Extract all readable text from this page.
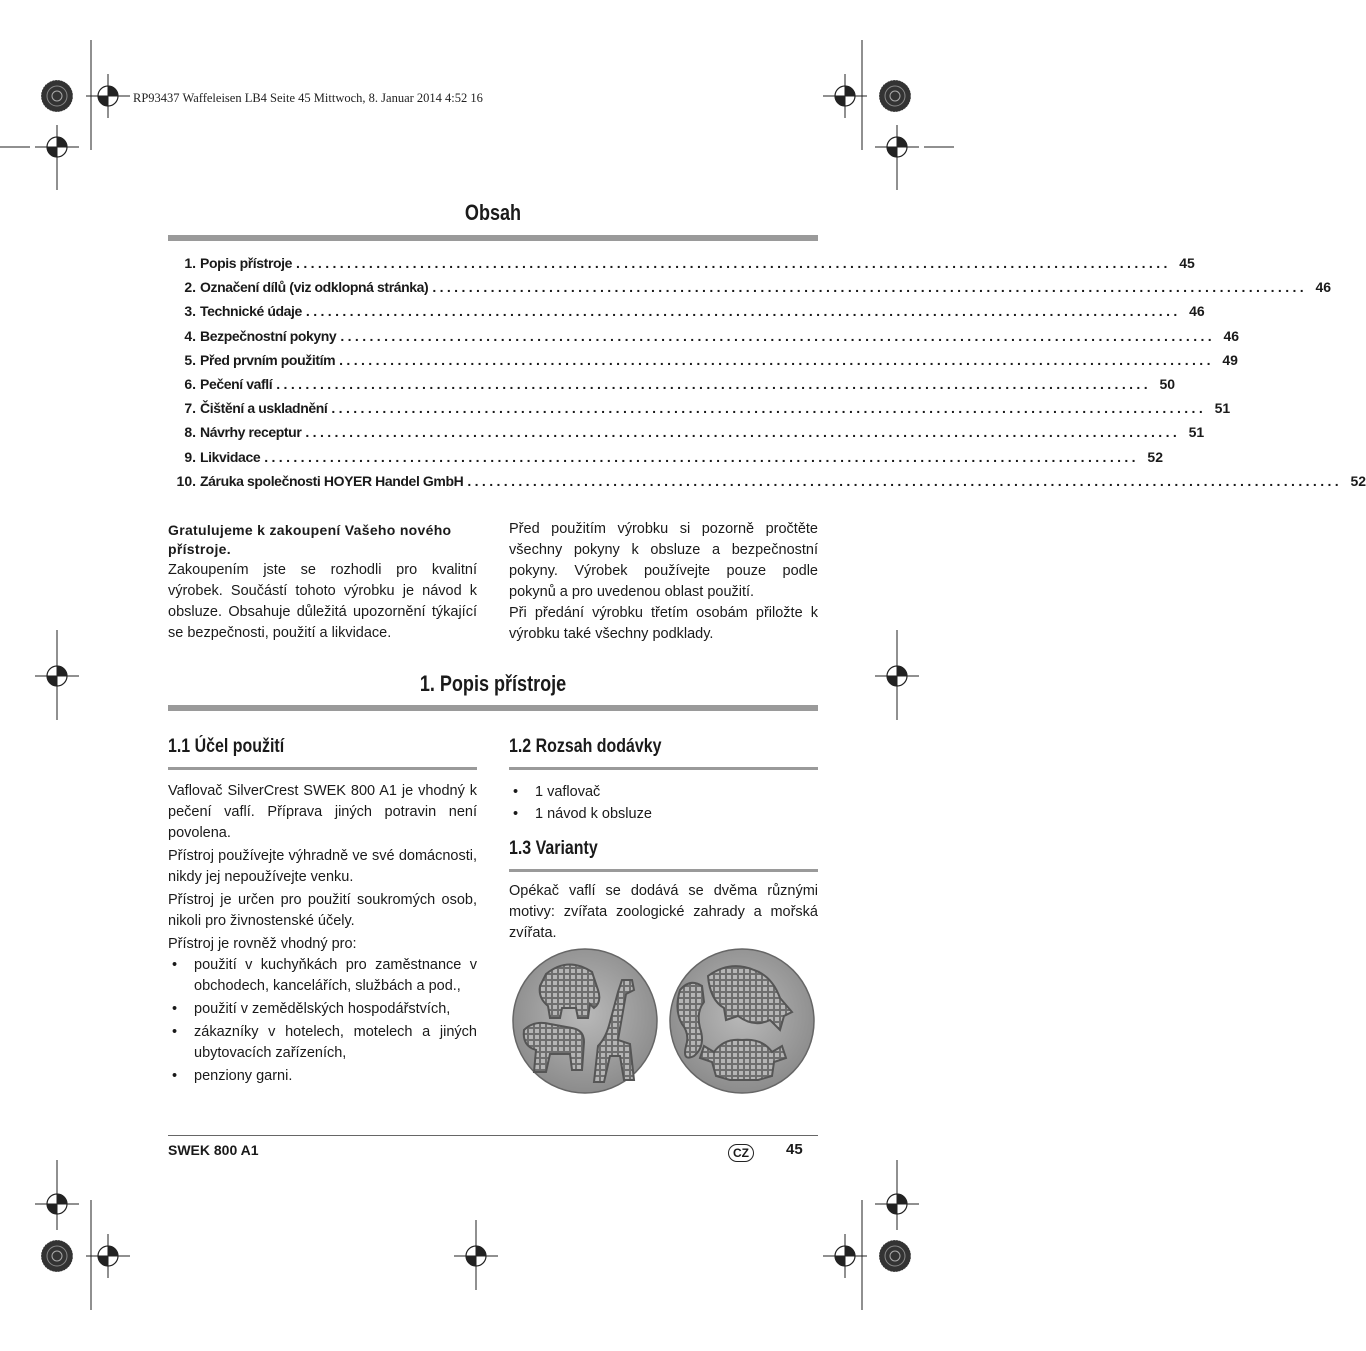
RP93437 Waffeleisen LB4 Seite 45 Mittwoch, 8. Januar 2014 4:52 16
Obsah
1. Popis přístroje ........................................................................................................................ 45
2. Označení dílů (viz odklopná stránka) ........................................................................................................................ 46
3. Technické údaje ........................................................................................................................ 46
4. Bezpečnostní pokyny ........................................................................................................................ 46
5. Před prvním použitím ........................................................................................................................ 49
6. Pečení vaflí ........................................................................................................................ 50
7. Čištění a uskladnění ........................................................................................................................ 51
8. Návrhy receptur ........................................................................................................................ 51
9. Likvidace ........................................................................................................................ 52
10. Záruka společnosti HOYER Handel GmbH ........................................................................................................................ 52
Gratulujeme k zakoupení Vašeho nového přístroje.
Zakoupením jste se rozhodli pro kvalitní výrobek. Součástí tohoto výrobku je návod k obsluze. Obsahuje důležitá upozornění týkající se bezpečnosti, použití a likvidace.

Před použitím výrobku si pozorně pročtěte všechny pokyny k obsluze a bezpečnostní pokyny. Výrobek používejte pouze podle pokynů a pro uvedenou oblast použití.

Při předání výrobku třetím osobám přiložte k výrobku také všechny podklady.

1. Popis přístroje
1.1 Účel použití

Vaflovač SilverCrest SWEK 800 A1 je vhodný k pečení vaflí. Příprava jiných potravin není povolena.

Přístroj používejte výhradně ve své domácnosti, nikdy jej nepoužívejte venku.

Přístroj je určen pro použití soukromých osob, nikoli pro živnostenské účely.

Přístroj je rovněž vhodný pro:

• použití v kuchyňkách pro zaměstnance v obchodech, kancelářích, službách a pod.,
• použití v zemědělských hospodářstvích,
• zákazníky v hotelech, motelech a jiných ubytovacích zařízeních,
• penziony garni.
1.2 Rozsah dodávky
• 1 vaflovač
• 1 návod k obsluze
1.3 Varianty
Opékač vaflí se dodává se dvěma různými motivy: zvířata zoologické zahrady a mořská zvířata.
SWEK 800 A1	CZ	45
